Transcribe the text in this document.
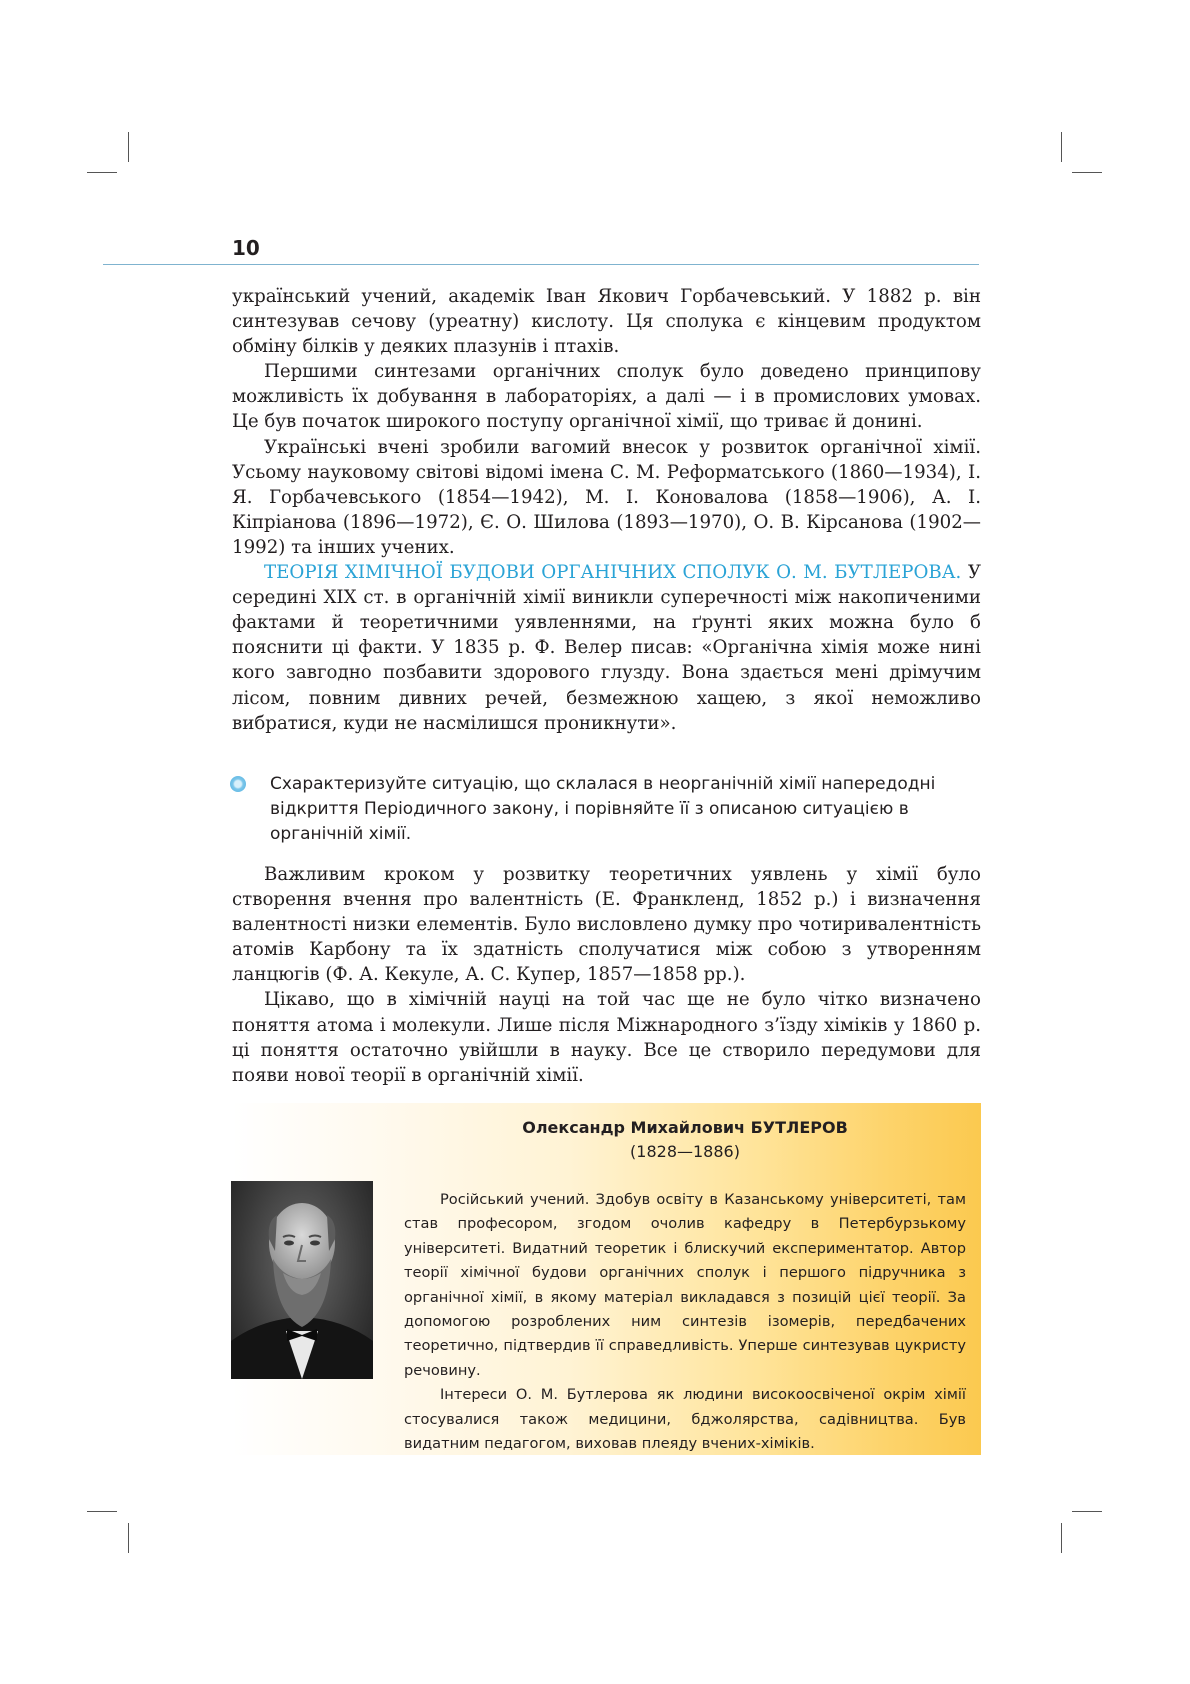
10

український учений, академік Іван Якович Горбачевський. У 1882 р. він синтезував сечову (уреатну) кислоту. Ця сполука є кінцевим продуктом обміну білків у деяких плазунів і птахів.

Першими синтезами органічних сполук було доведено принципову можливість їх добування в лабораторіях, а далі — і в промислових умовах. Це був початок широкого поступу органічної хімії, що триває й донині.

Українські вчені зробили вагомий внесок у розвиток органічної хімії. Усьому науковому світові відомі імена С. М. Реформатського (1860—1934), І. Я. Горбачевського (1854—1942), М. І. Коновалова (1858—1906), А. І. Кіпріанова (1896—1972), Є. О. Шилова (1893—1970), О. В. Кірсанова (1902—1992) та інших учених.

ТЕОРІЯ ХІМІЧНОЇ БУДОВИ ОРГАНІЧНИХ СПОЛУК О. М. БУТЛЕРОВА. У середині XIX ст. в органічній хімії виникли суперечності між накопиченими фактами й теоретичними уявленнями, на ґрунті яких можна було б пояснити ці факти. У 1835 р. Ф. Велер писав: «Органічна хімія може нині кого завгодно позбавити здорового глузду. Вона здається мені дрімучим лісом, повним дивних речей, безмежною хащею, з якої неможливо вибратися, куди не насмілишся проникнути».

Схарактеризуйте ситуацію, що склалася в неорганічній хімії напередодні відкриття Періодичного закону, і порівняйте її з описаною ситуацією в органічній хімії.

Важливим кроком у розвитку теоретичних уявлень у хімії було створення вчення про валентність (Е. Франкленд, 1852 р.) і визначення валентності низки елементів. Було висловлено думку про чотиривалентність атомів Карбону та їх здатність сполучатися між собою з утворенням ланцюгів (Ф. А. Кекуле, А. С. Купер, 1857—1858 рр.).

Цікаво, що в хімічній науці на той час ще не було чітко визначено поняття атома і молекули. Лише після Міжнародного з’їзду хіміків у 1860 р. ці поняття остаточно увійшли в науку. Все це створило передумови для появи нової теорії в органічній хімії.

Олександр Михайлович БУТЛЕРОВ
(1828—1886)

Російський учений. Здобув освіту в Казанському університеті, там став професором, згодом очолив кафедру в Петербурзькому університеті. Видатний теоретик і блискучий експериментатор. Автор теорії хімічної будови органічних сполук і першого підручника з органічної хімії, в якому матеріал викладався з позицій цієї теорії. За допомогою розроблених ним синтезів ізомерів, передбачених теоретично, підтвердив її справедливість. Уперше синтезував цукристу речовину.

Інтереси О. М. Бутлерова як людини високоосвіченої окрім хімії стосувалися також медицини, бджолярства, садівництва. Був видатним педагогом, виховав плеяду вчених-хіміків.
